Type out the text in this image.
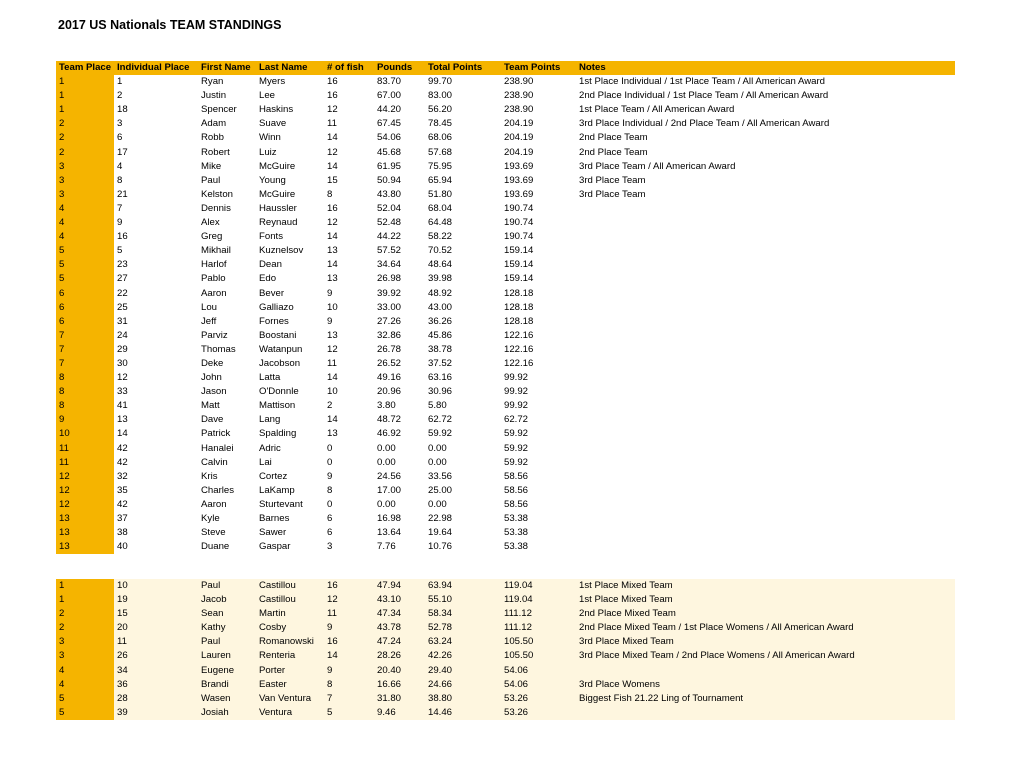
2017 US Nationals TEAM STANDINGS
Team Place	Individual Place	First Name	Last Name	# of fish	Pounds	Total Points	Team Points	Notes
1	1	Ryan	Myers	16	83.70	99.70	238.90	1st Place Individual / 1st Place Team / All American Award
1	2	Justin	Lee	16	67.00	83.00	238.90	2nd Place Individual / 1st Place Team / All American Award
1	18	Spencer	Haskins	12	44.20	56.20	238.90	1st Place Team / All American Award
2	3	Adam	Suave	11	67.45	78.45	204.19	3rd Place Individual / 2nd Place Team / All American Award
2	6	Robb	Winn	14	54.06	68.06	204.19	2nd Place Team
2	17	Robert	Luiz	12	45.68	57.68	204.19	2nd Place Team
3	4	Mike	McGuire	14	61.95	75.95	193.69	3rd Place Team / All American Award
3	8	Paul	Young	15	50.94	65.94	193.69	3rd Place Team
3	21	Kelston	McGuire	8	43.80	51.80	193.69	3rd Place Team
4	7	Dennis	Haussler	16	52.04	68.04	190.74	
4	9	Alex	Reynaud	12	52.48	64.48	190.74	
4	16	Greg	Fonts	14	44.22	58.22	190.74	
5	5	Mikhail	Kuznelsov	13	57.52	70.52	159.14	
5	23	Harlof	Dean	14	34.64	48.64	159.14	
5	27	Pablo	Edo	13	26.98	39.98	159.14	
6	22	Aaron	Bever	9	39.92	48.92	128.18	
6	25	Lou	Galliazo	10	33.00	43.00	128.18	
6	31	Jeff	Fornes	9	27.26	36.26	128.18	
7	24	Parviz	Boostani	13	32.86	45.86	122.16	
7	29	Thomas	Watanpun	12	26.78	38.78	122.16	
7	30	Deke	Jacobson	11	26.52	37.52	122.16	
8	12	John	Latta	14	49.16	63.16	99.92	
8	33	Jason	O'Donnle	10	20.96	30.96	99.92	
8	41	Matt	Mattison	2	3.80	5.80	99.92	
9	13	Dave	Lang	14	48.72	62.72	62.72	
10	14	Patrick	Spalding	13	46.92	59.92	59.92	
11	42	Hanalei	Adric	0	0.00	0.00	59.92	
11	42	Calvin	Lai	0	0.00	0.00	59.92	
12	32	Kris	Cortez	9	24.56	33.56	58.56	
12	35	Charles	LaKamp	8	17.00	25.00	58.56	
12	42	Aaron	Sturtevant	0	0.00	0.00	58.56	
13	37	Kyle	Barnes	6	16.98	22.98	53.38	
13	38	Steve	Sawer	6	13.64	19.64	53.38	
13	40	Duane	Gaspar	3	7.76	10.76	53.38	
1	10	Paul	Castillou	16	47.94	63.94	119.04	1st Place Mixed Team
1	19	Jacob	Castillou	12	43.10	55.10	119.04	1st Place Mixed Team
2	15	Sean	Martin	11	47.34	58.34	111.12	2nd Place Mixed Team
2	20	Kathy	Cosby	9	43.78	52.78	111.12	2nd Place Mixed Team / 1st Place Womens / All American Award
3	11	Paul	Romanowski	16	47.24	63.24	105.50	3rd Place Mixed Team
3	26	Lauren	Renteria	14	28.26	42.26	105.50	3rd Place Mixed Team / 2nd Place Womens / All American Award
4	34	Eugene	Porter	9	20.40	29.40	54.06	
4	36	Brandi	Easter	8	16.66	24.66	54.06	3rd Place Womens
5	28	Wasen	Van Ventura	7	31.80	38.80	53.26	Biggest Fish 21.22 Ling of Tournament
5	39	Josiah	Ventura	5	9.46	14.46	53.26	
